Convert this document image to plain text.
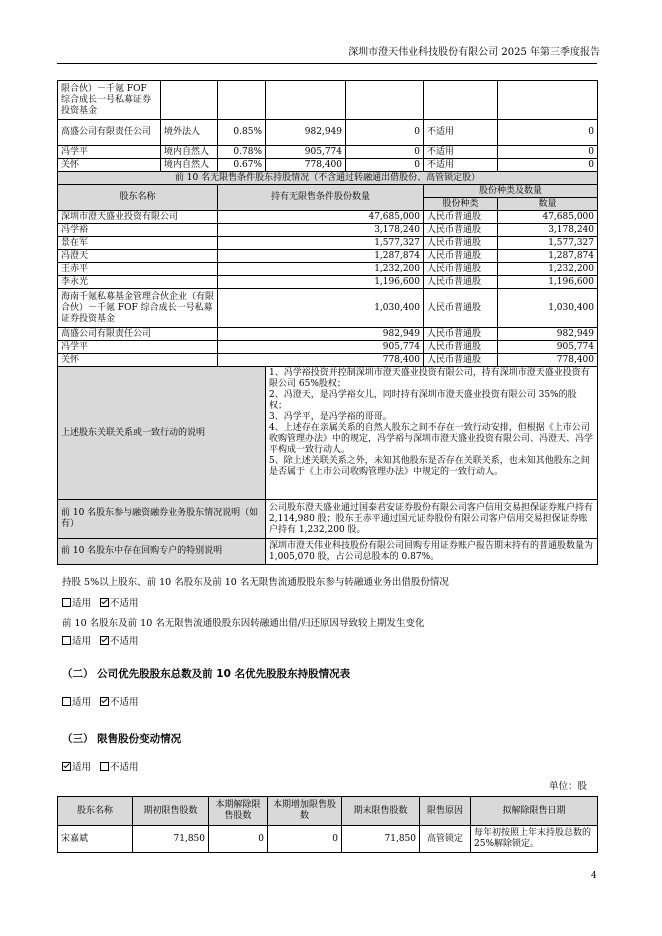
深圳市澄天伟业科技股份有限公司 2025 年第三季度报告
限合伙）－千氪 FOF 综合成长一号私募证券投资基金						
高盛公司有限责任公司	境外法人	0.85%	982,949	0	不适用	0
冯学平	境内自然人	0.78%	905,774	0	不适用	0
关怀	境内自然人	0.67%	778,400	0	不适用	0
前 10 名无限售条件股东持股情况（不含通过转融通出借股份、高管锁定股）						
股东名称		持有无限售条件股份数量			股份种类及数量	
					股份种类	数量
深圳市澄天盛业投资有限公司		47,685,000			人民币普通股	47,685,000
冯学裕		3,178,240			人民币普通股	3,178,240
景在军		1,577,327			人民币普通股	1,577,327
冯澄天		1,287,874			人民币普通股	1,287,874
王赤平		1,232,200			人民币普通股	1,232,200
李永光		1,196,600			人民币普通股	1,196,600
海南千氪私募基金管理合伙企业（有限合伙）－千氪 FOF 综合成长一号私募证券投资基金		1,030,400			人民币普通股	1,030,400
高盛公司有限责任公司		982,949			人民币普通股	982,949
冯学平		905,774			人民币普通股	905,774
关怀		778,400			人民币普通股	778,400
上述股东关联关系或一致行动的说明			1、冯学裕投资并控制深圳市澄天盛业投资有限公司，持有深圳市澄天盛业投资有限公司 65%股权；
2、冯澄天，是冯学裕女儿，同时持有深圳市澄天盛业投资有限公司 35%的股权；
3、冯学平，是冯学裕的哥哥。
4、上述存在亲属关系的自然人股东之间不存在一致行动安排，但根据《上市公司收购管理办法》中的规定，冯学裕与深圳市澄天盛业投资有限公司、冯澄天、冯学平构成一致行动人。
5、除上述关联关系之外，未知其他股东是否存在关联关系，也未知其他股东之间是否属于《上市公司收购管理办法》中规定的一致行动人。			
前 10 名股东参与融资融券业务股东情况说明（如有）			公司股东澄天盛业通过国泰君安证券股份有限公司客户信用交易担保证券账户持有 2,114,980 股；股东王赤平通过国元证券股份有限公司客户信用交易担保证券账户持有 1,232,200 股。			
前 10 名股东中存在回购专户的特别说明			深圳市澄天伟业科技股份有限公司回购专用证券账户报告期末持有的普通股数量为 1,005,070 股，占公司总股本的 0.87%。			
持股 5%以上股东、前 10 名股东及前 10 名无限售流通股股东参与转融通业务出借股份情况
适用 不适用
前 10 名股东及前 10 名无限售流通股股东因转融通出借/归还原因导致较上期发生变化
适用 不适用
（二） 公司优先股股东总数及前 10 名优先股股东持股情况表
适用 不适用
（三） 限售股份变动情况
适用 不适用
单位：股
股东名称	期初限售股数	本期解除限售股数	本期增加限售股数	期末限售股数	限售原因	拟解除限售日期
宋嘉斌	71,850	0	0	71,850	高管锁定	每年初按照上年末持股总数的 25%解除锁定。
4
